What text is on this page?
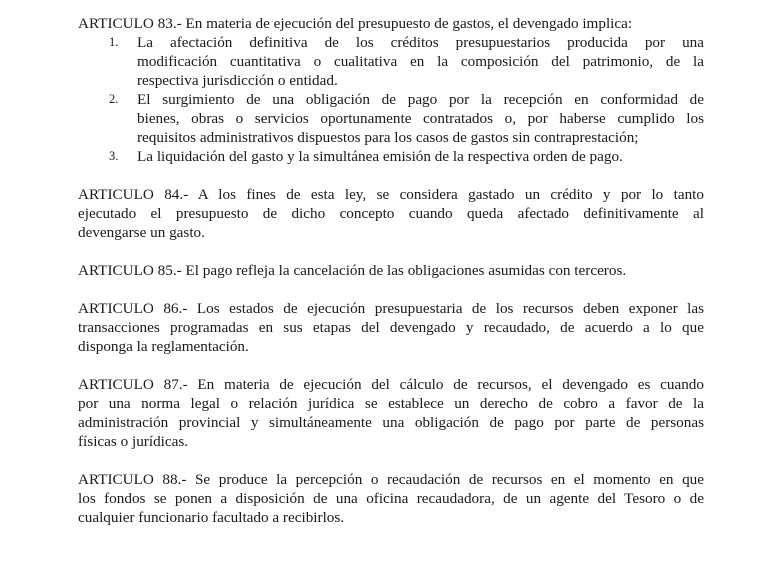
ARTICULO 83.- En materia de ejecución del presupuesto de gastos, el devengado implica:
1. La afectación definitiva de los créditos presupuestarios producida por una
modificación cuantitativa o cualitativa en la composición del patrimonio, de la
respectiva jurisdicción o entidad.
2. El surgimiento de una obligación de pago por la recepción en conformidad de
bienes, obras o servicios oportunamente contratados o, por haberse cumplido los
requisitos administrativos dispuestos para los casos de gastos sin contraprestación;
3. La liquidación del gasto y la simultánea emisión de la respectiva orden de pago.
ARTICULO 84.- A los fines de esta ley, se considera gastado un crédito y por lo tanto
ejecutado el presupuesto de dicho concepto cuando queda afectado definitivamente al
devengarse un gasto.
ARTICULO 85.- El pago refleja la cancelación de las obligaciones asumidas con terceros.
ARTICULO 86.- Los estados de ejecución presupuestaria de los recursos deben exponer las
transacciones programadas en sus etapas del devengado y recaudado, de acuerdo a lo que
disponga la reglamentación.
ARTICULO 87.- En materia de ejecución del cálculo de recursos, el devengado es cuando
por una norma legal o relación jurídica se establece un derecho de cobro a favor de la
administración provincial y simultáneamente una obligación de pago por parte de personas
físicas o jurídicas.
ARTICULO 88.- Se produce la percepción o recaudación de recursos en el momento en que
los fondos se ponen a disposición de una oficina recaudadora, de un agente del Tesoro o de
cualquier funcionario facultado a recibirlos.
